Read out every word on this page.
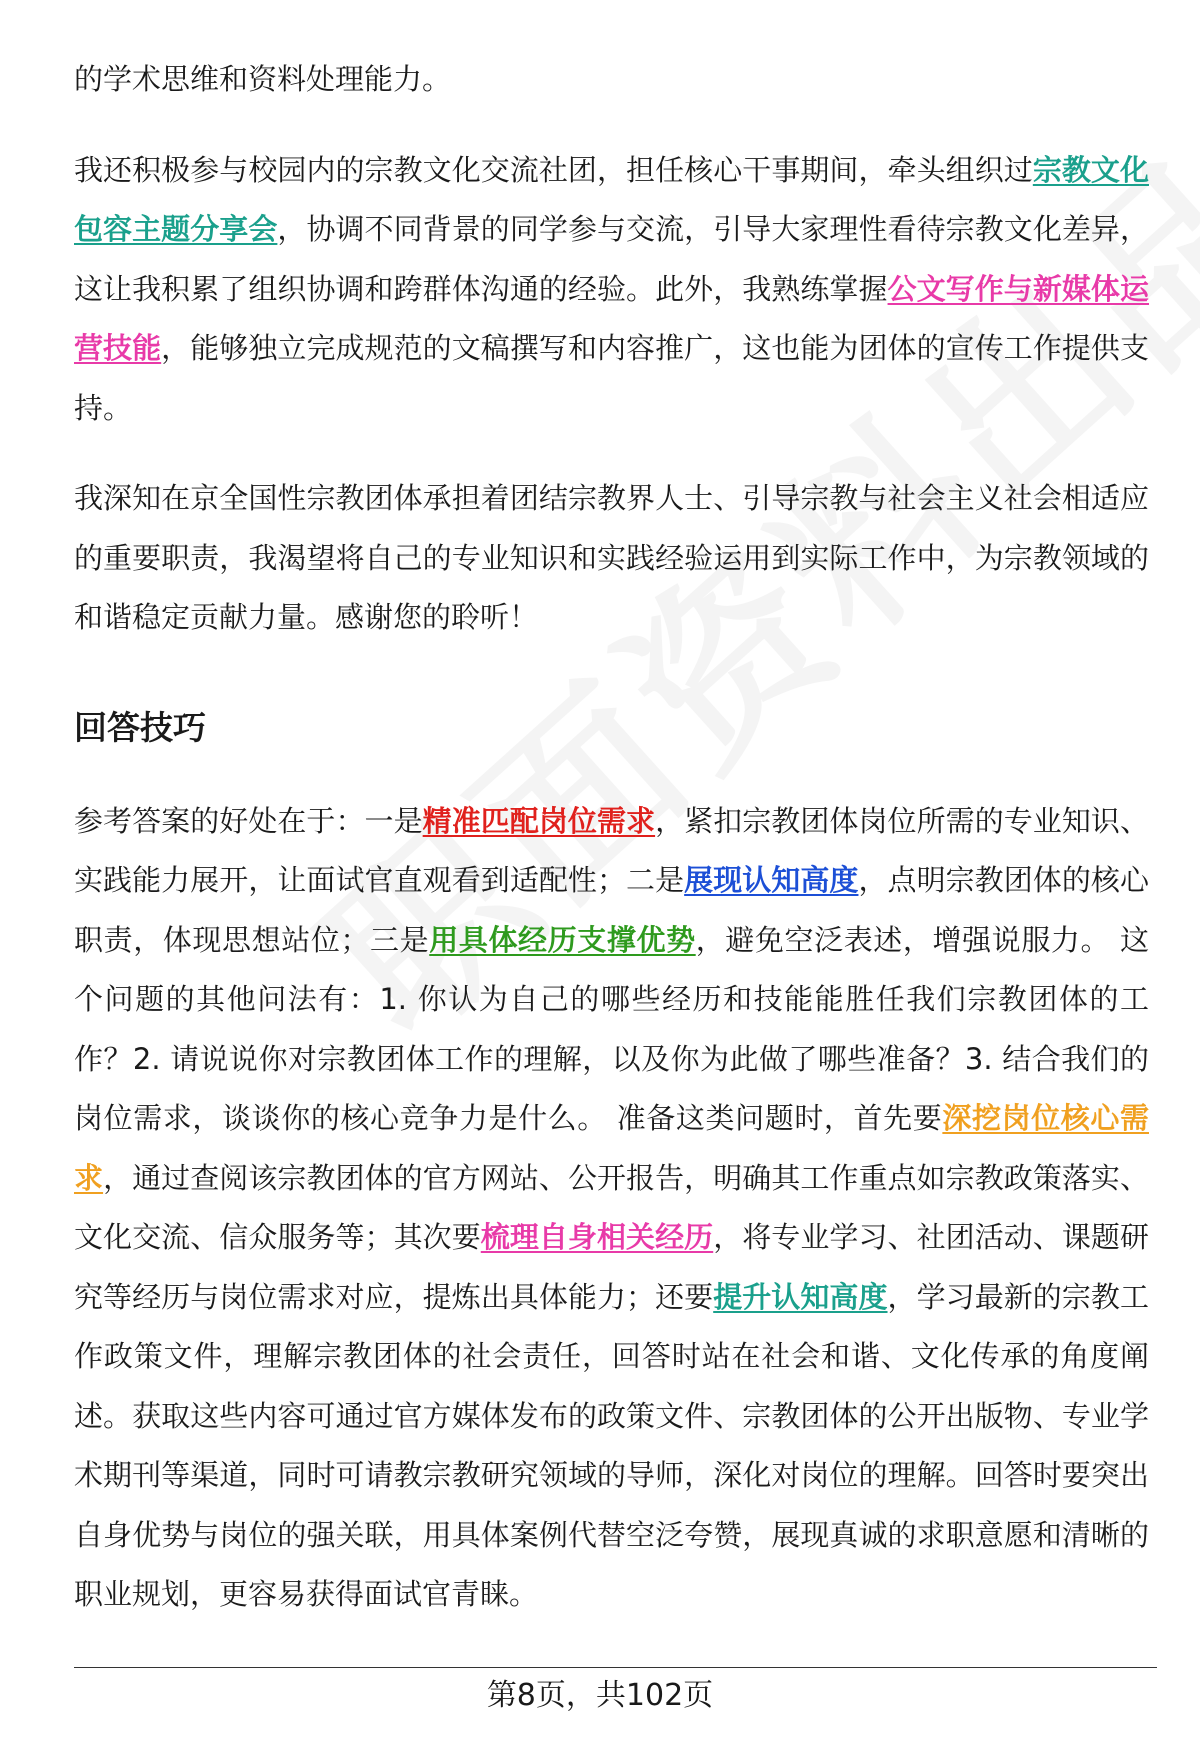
的学术思维和资料处理能力。

我还积极参与校园内的宗教文化交流社团，担任核心干事期间，牵头组织过宗教文化包容主题分享会，协调不同背景的同学参与交流，引导大家理性看待宗教文化差异，这让我积累了组织协调和跨群体沟通的经验。此外，我熟练掌握公文写作与新媒体运营技能，能够独立完成规范的文稿撰写和内容推广，这也能为团体的宣传工作提供支持。

我深知在京全国性宗教团体承担着团结宗教界人士、引导宗教与社会主义社会相适应的重要职责，我渴望将自己的专业知识和实践经验运用到实际工作中，为宗教领域的和谐稳定贡献力量。感谢您的聆听！

回答技巧

参考答案的好处在于：一是精准匹配岗位需求，紧扣宗教团体岗位所需的专业知识、实践能力展开，让面试官直观看到适配性；二是展现认知高度，点明宗教团体的核心职责，体现思想站位；三是用具体经历支撑优势，避免空泛表述，增强说服力。 这个问题的其他问法有：1. 你认为自己的哪些经历和技能能胜任我们宗教团体的工作？2. 请说说你对宗教团体工作的理解，以及你为此做了哪些准备？3. 结合我们的岗位需求，谈谈你的核心竞争力是什么。 准备这类问题时，首先要深挖岗位核心需求，通过查阅该宗教团体的官方网站、公开报告，明确其工作重点如宗教政策落实、文化交流、信众服务等；其次要梳理自身相关经历，将专业学习、社团活动、课题研究等经历与岗位需求对应，提炼出具体能力；还要提升认知高度，学习最新的宗教工作政策文件，理解宗教团体的社会责任，回答时站在社会和谐、文化传承的角度阐述。获取这些内容可通过官方媒体发布的政策文件、宗教团体的公开出版物、专业学术期刊等渠道，同时可请教宗教研究领域的导师，深化对岗位的理解。回答时要突出自身优势与岗位的强关联，用具体案例代替空泛夸赞，展现真诚的求职意愿和清晰的职业规划，更容易获得面试官青睐。

第8页，共102页
